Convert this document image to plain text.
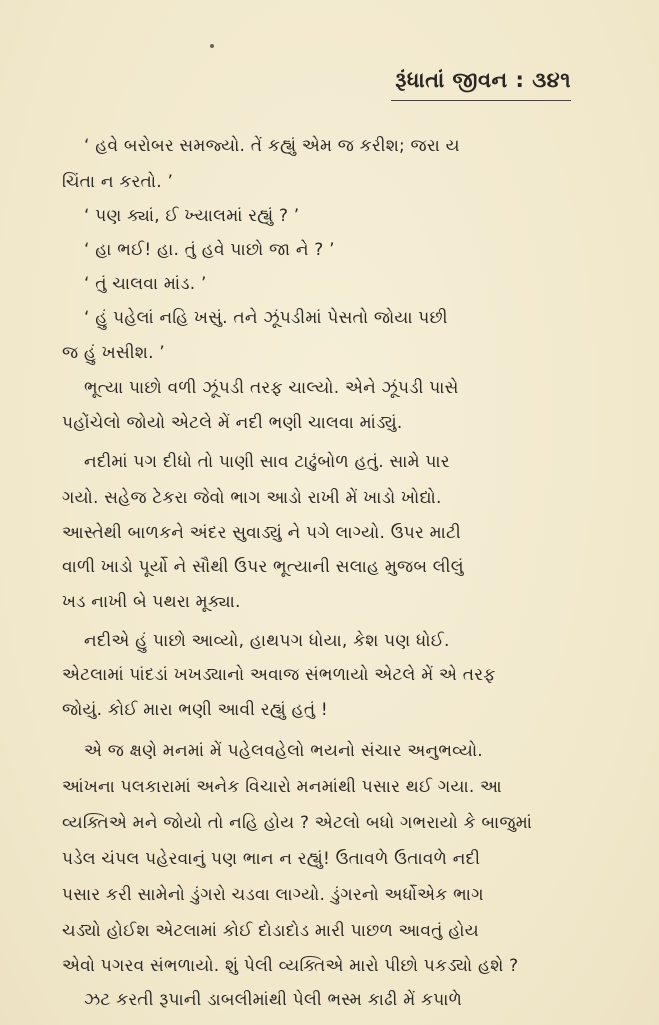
રૂંધાતાં જીવન : ૩૪૧
‘ હવે બરોબર સમજ્યો. તેં કહ્યું એમ જ કરીશ; જરા ય
ચિંતા ન કરતો. ’
‘ પણ ક્યાં, ઈ ખ્યાલમાં રહ્યું ? ’
‘ હા ભઈ! હા. તું હવે પાછો જા ને ? ’
‘ તું ચાલવા માંડ. ’
‘ હું પહેલાં નહિ ખસું. તને ઝૂંપડીમાં પેસતો જોયા પછી
જ હું ખસીશ. ’
ભૂત્યા પાછો વળી ઝૂંપડી તરફ ચાલ્યો. એને ઝૂંપડી પાસે
પહોંચેલો જોયો એટલે મેં નદી ભણી ચાલવા માંડ્યું.
નદીમાં પગ દીધો તો પાણી સાવ ટાઢુંબોળ હતું. સામે પાર
ગયો. સહેજ ટેકરા જેવો ભાગ આડો રાખી મેં ખાડો ખોદ્યો.
આસ્તેથી બાળકને અંદર સુવાડ્યું ને પગે લાગ્યો. ઉપર માટી
વાળી ખાડો પૂર્યો ને સૌથી ઉપર ભૂત્યાની સલાહ મુજબ લીલું
ખડ નાખી બે પથરા મૂક્યા.
નદીએ હું પાછો આવ્યો, હાથપગ ધોયા, કેશ પણ ધોઈ.
એટલામાં પાંદડાં ખખડ્યાનો અવાજ સંભળાયો એટલે મેં એ તરફ
જોયું. કોઈ મારા ભણી આવી રહ્યું હતું !
એ જ ક્ષણે મનમાં મેં પહેલવહેલો ભયનો સંચાર અનુભવ્યો.
આંખના પલકારામાં અનેક વિચારો મનમાંથી પસાર થઈ ગયા. આ
વ્યક્તિએ મને જોયો તો નહિ હોય ? એટલો બધો ગભરાયો કે બાજુમાં
પડેલ ચંપલ પહેરવાનું પણ ભાન ન રહ્યું! ઉતાવળે ઉતાવળે નદી
પસાર કરી સામેનો ડુંગરો ચડવા લાગ્યો. ડુંગરનો અર્ધોએક ભાગ
ચડ્યો હોઈશ એટલામાં કોઈ દોડાદોડ મારી પાછળ આવતું હોય
એવો પગરવ સંભળાયો. શું પેલી વ્યક્તિએ મારો પીછો પકડ્યો હશે ?
ઝટ કરતી રૂપાની ડાબલીમાંથી પેલી ભસ્મ કાઢી મેં કપાળે
